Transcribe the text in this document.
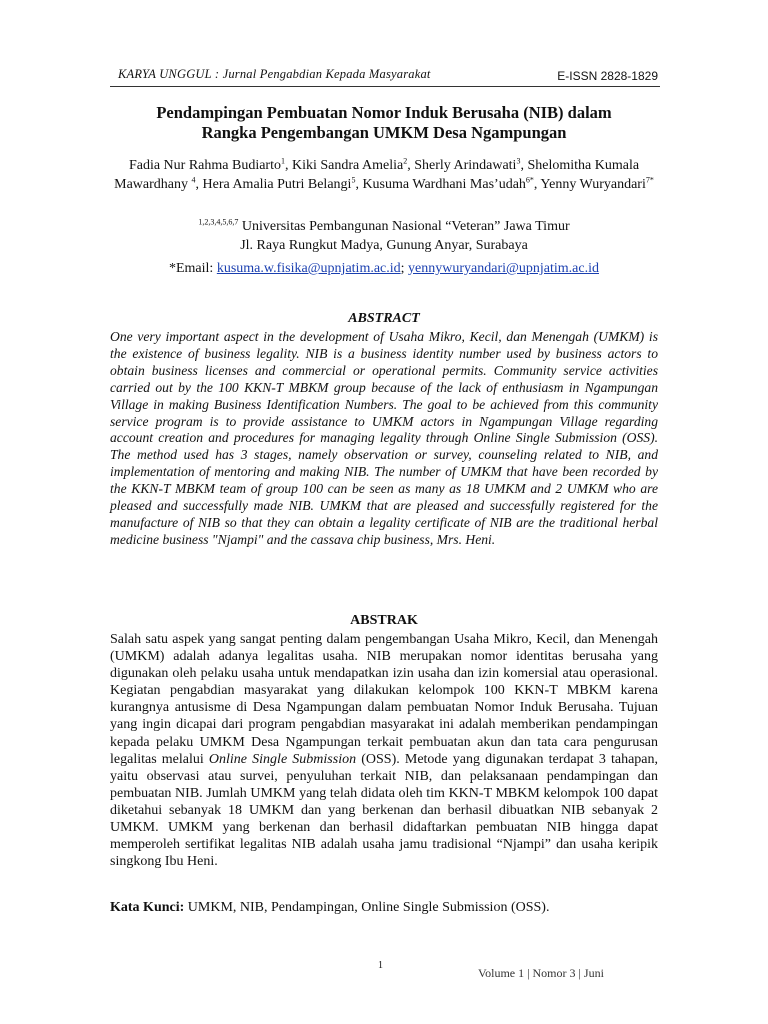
KARYA UNGGUL : Jurnal Pengabdian Kepada Masyarakat	E-ISSN 2828-1829
Pendampingan Pembuatan Nomor Induk Berusaha (NIB) dalam
Rangka Pengembangan UMKM Desa Ngampungan
Fadia Nur Rahma Budiarto$^1$, Kiki Sandra Amelia$^2$, Sherly Arindawati$^3$, Shelomitha Kumala Mawardhany $^4$, Hera Amalia Putri Belangi$^5$, Kusuma Wardhani Mas’udah$^{6*}$, Yenny Wuryandari$^{7*}$
$^{1,2,3,4,5,6,7}$ Universitas Pembangunan Nasional “Veteran” Jawa Timur
Jl. Raya Rungkut Madya, Gunung Anyar, Surabaya
*Email: kusuma.w.fisika@upnjatim.ac.id; yennywuryandari@upnjatim.ac.id
ABSTRACT

One very important aspect in the development of Usaha Mikro, Kecil, dan Menengah (UMKM) is the existence of business legality. NIB is a business identity number used by business actors to obtain business licenses and commercial or operational permits. Community service activities carried out by the 100 KKN-T MBKM group because of the lack of enthusiasm in Ngampungan Village in making Business Identification Numbers. The goal to be achieved from this community service program is to provide assistance to UMKM actors in Ngampungan Village regarding account creation and procedures for managing legality through Online Single Submission (OSS). The method used has 3 stages, namely observation or survey, counseling related to NIB, and implementation of mentoring and making NIB. The number of UMKM that have been recorded by the KKN-T MBKM team of group 100 can be seen as many as 18 UMKM and 2 UMKM who are pleased and successfully made NIB. UMKM that are pleased and successfully registered for the manufacture of NIB so that they can obtain a legality certificate of NIB are the traditional herbal medicine business "Njampi" and the cassava chip business, Mrs. Heni.

ABSTRAK

Salah satu aspek yang sangat penting dalam pengembangan Usaha Mikro, Kecil, dan Menengah (UMKM) adalah adanya legalitas usaha. NIB merupakan nomor identitas berusaha yang digunakan oleh pelaku usaha untuk mendapatkan izin usaha dan izin komersial atau operasional. Kegiatan pengabdian masyarakat yang dilakukan kelompok 100 KKN-T MBKM karena kurangnya antusisme di Desa Ngampungan dalam pembuatan Nomor Induk Berusaha. Tujuan yang ingin dicapai dari program pengabdian masyarakat ini adalah memberikan pendampingan kepada pelaku UMKM Desa Ngampungan terkait pembuatan akun dan tata cara pengurusan legalitas melalui Online Single Submission (OSS). Metode yang digunakan terdapat 3 tahapan, yaitu observasi atau survei, penyuluhan terkait NIB, dan pelaksanaan pendampingan dan pembuatan NIB. Jumlah UMKM yang telah didata oleh tim KKN-T MBKM kelompok 100 dapat diketahui sebanyak 18 UMKM dan yang berkenan dan berhasil dibuatkan NIB sebanyak 2 UMKM. UMKM yang berkenan dan berhasil didaftarkan pembuatan NIB hingga dapat memperoleh sertifikat legalitas NIB adalah usaha jamu tradisional “Njampi” dan usaha keripik singkong Ibu Heni.

Kata Kunci: UMKM, NIB, Pendampingan, Online Single Submission (OSS).
1
Volume 1 | Nomor 3 | Juni
